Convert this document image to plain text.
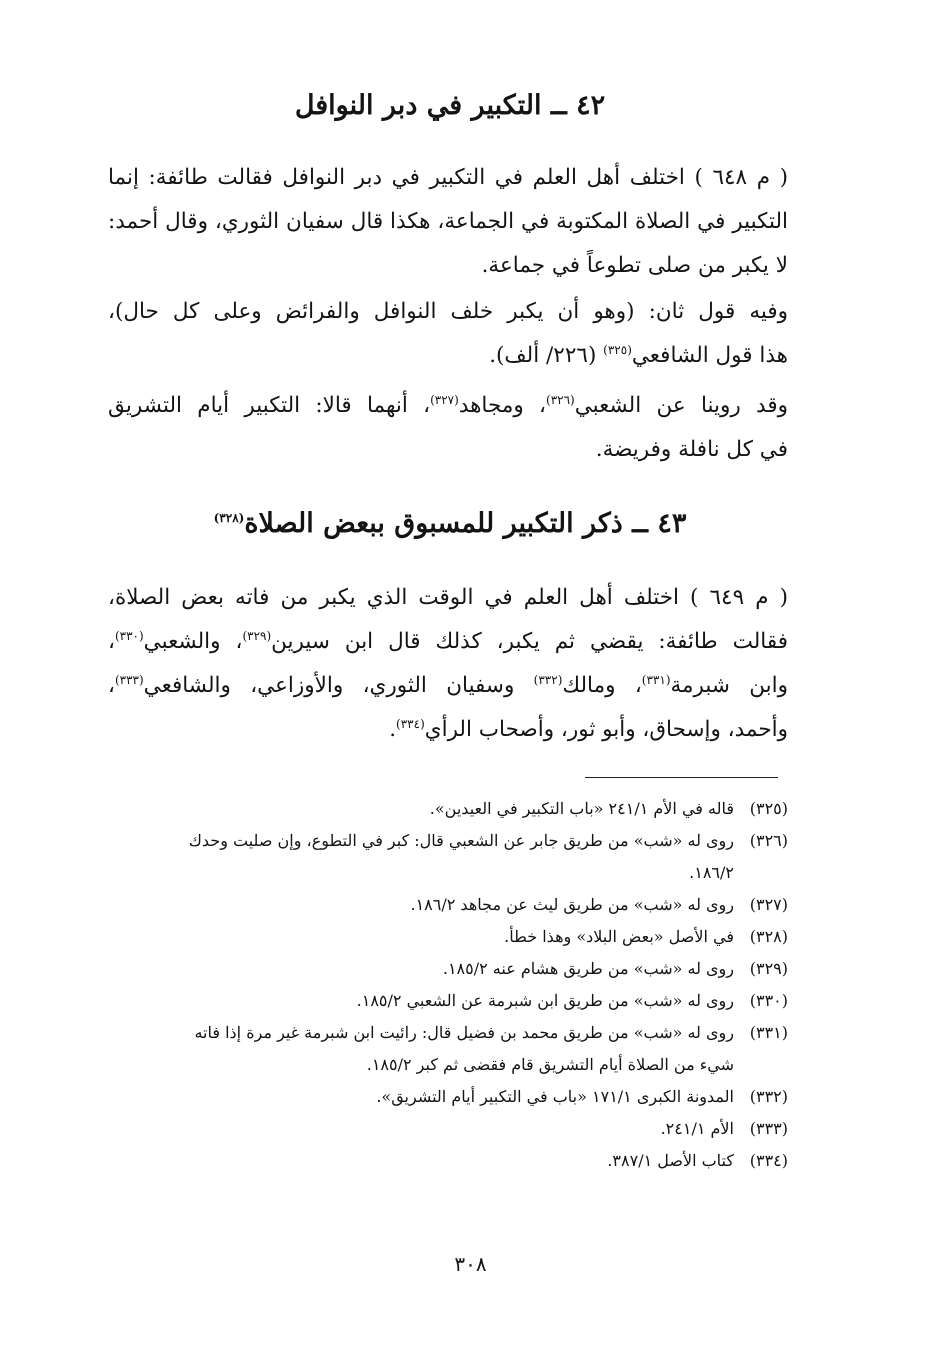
٤٢ ــ التكبير في دبر النوافل
( م ٦٤٨ ) اختلف أهل العلم في التكبير في دبر النوافل فقالت طائفة: إنما
التكبير في الصلاة المكتوبة في الجماعة، هكذا قال سفيان الثوري، وقال أحمد:
لا يكبر من صلى تطوعاً في جماعة.
وفيه قول ثان: (وهو أن يكبر خلف النوافل والفرائض وعلى كل حال)،
هذا قول الشافعي$^{(٣٢٥)}$ (٢٢٦/ ألف).
وقد روينا عن الشعبي$^{(٣٢٦)}$، ومجاهد$^{(٣٢٧)}$، أنهما قالا: التكبير أيام التشريق
في كل نافلة وفريضة.
٤٣ ــ ذكر التكبير للمسبوق ببعض الصلاة$^{(٣٢٨)}$
( م ٦٤٩ ) اختلف أهل العلم في الوقت الذي يكبر من فاته بعض الصلاة،
فقالت طائفة: يقضي ثم يكبر، كذلك قال ابن سيرين$^{(٣٢٩)}$، والشعبي$^{(٣٣٠)}$،
وابن شبرمة$^{(٣٣١)}$، ومالك$^{(٣٣٢)}$ وسفيان الثوري، والأوزاعي، والشافعي$^{(٣٣٣)}$،
وأحمد، وإسحاق، وأبو ثور، وأصحاب الرأي$^{(٣٣٤)}$.
(٣٢٥)قاله في الأم ٢٤١/١ «باب التكبير في العيدين».
(٣٢٦)روى له «شب» من طريق جابر عن الشعبي قال: كبر في التطوع، وإن صليت وحدك
١٨٦/٢.
(٣٢٧)روى له «شب» من طريق ليث عن مجاهد ١٨٦/٢.
(٣٢٨)في الأصل «بعض البلاد» وهذا خطأ.
(٣٢٩)روى له «شب» من طريق هشام عنه ١٨٥/٢.
(٣٣٠)روى له «شب» من طريق ابن شبرمة عن الشعبي ١٨٥/٢.
(٣٣١)روى له «شب» من طريق محمد بن فضيل قال: رائيت ابن شبرمة غير مرة إذا فاته
شيء من الصلاة أيام التشريق قام فقضى ثم كبر ١٨٥/٢.
(٣٣٢)المدونة الكبرى ١٧١/١ «باب في التكبير أيام التشريق».
(٣٣٣)الأم ٢٤١/١.
(٣٣٤)كتاب الأصل ٣٨٧/١.
٣٠٨
